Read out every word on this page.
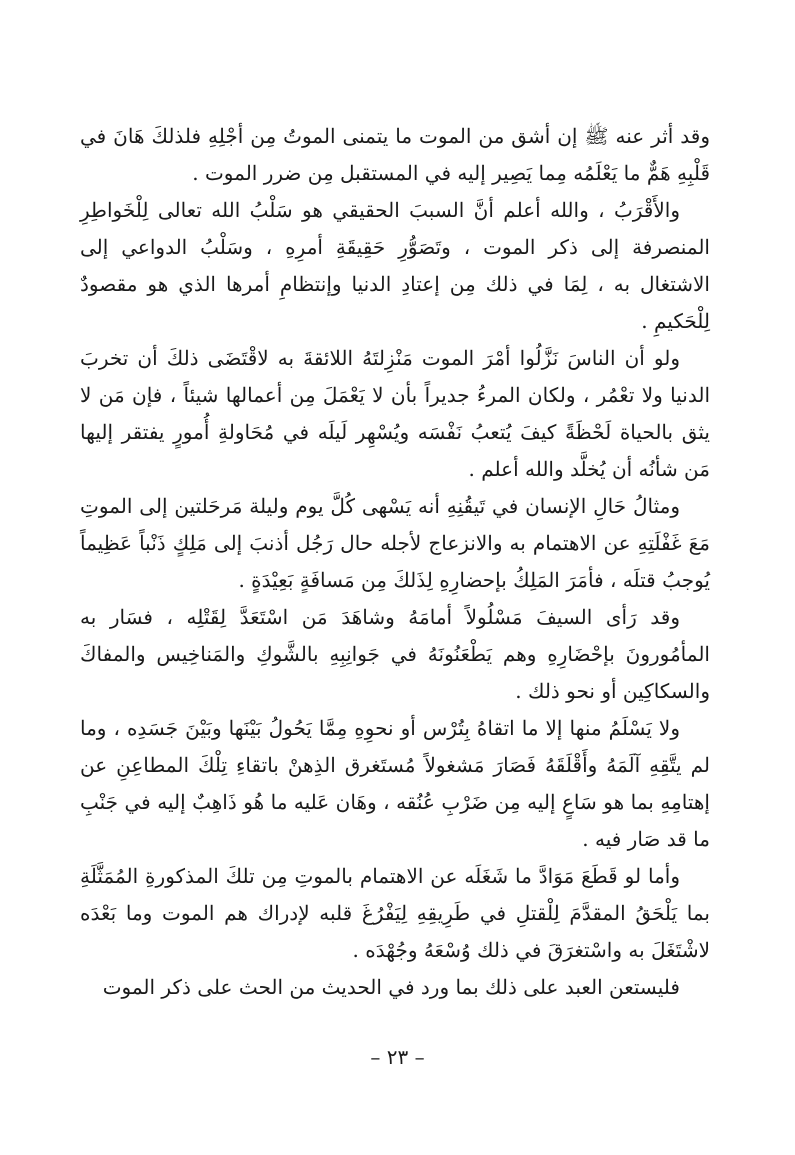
وقد أثر عنه ﷺ إن أشق من الموت ما يتمنى الموتُ مِن أجْلِهِ فلذلكَ هَانَ في قَلْبِهِ هَمٌّ ما يَعْلَمُه مِما يَصِير إليه في المستقبل مِن ضرر الموت .

والأَقْرَبُ ، والله أعلم أنَّ السببَ الحقيقي هو سَلْبُ الله تعالى لِلْخَواطِرِ المنصرفة إلى ذكر الموت ، وتَصَوُّرِ حَقِيقَةِ أمرِهِ ، وسَلْبُ الدواعي إلى الاشتغال به ، لِمَا في ذلك مِن إعتادِ الدنيا وإنتظامِ أمرها الذي هو مقصودٌ لِلْحَكيمِ .

ولو أن الناسَ نَزَّلُوا أمْرَ الموت مَنْزِلتَهُ اللائقةَ به لاقْتَضَى ذلكَ أن تخربَ الدنيا ولا تعْمُر ، ولكان المرءُ جديراً بأن لا يَعْمَلَ مِن أعمالها شيئاً ، فإن مَن لا يثق بالحياة لَحْظَةً كيفَ يُتعبُ نَفْسَه ويُسْهِر لَيلَه في مُحَاولةِ أُمورٍ يفتقر إليها مَن شأنُه أن يُخلَّد والله أعلم .

ومثالُ حَالِ الإنسان في تَيقُنِهِ أنه يَسْهى كُلَّ يوم وليلة مَرحَلتين إلى الموتِ مَعَ غَفْلَتِهِ عن الاهتمام به والانزعاج لأجله حال رَجُل أذنبَ إلى مَلِكٍ ذَنْباً عَظِيماً يُوجبُ قتلَه ، فأمَرَ المَلِكُ بإحضارِهِ لِذَلكَ مِن مَسافَةٍ بَعِيْدَةٍ .

وقد رَأى السيفَ مَسْلُولاً أمامَهُ وشاهَدَ مَن اسْتَعَدَّ لِقَتْلِه ، فسَار به المأمُورونَ بإحْضَارِهِ وهم يَطْعَنُونَهُ في جَوانِبِهِ بالشَّوكِ والمَناخِيس والمفاكَ والسكاكِين أو نحو ذلك .

ولا يَسْلَمُ منها إلا ما اتقاهُ بِتُرْس أو نحوِهِ مِمَّا يَحُولُ بَيْنَها وبَيْنَ جَسَدِه ، وما لم يتَّقِهِ آلَمَهُ وأَقْلَقَهُ فَصَارَ مَشغولاً مُستَغرق الذِهنْ باتقاءِ تِلْكَ المطاعِنِ عن إهتامِهِ بما هو سَاعٍ إليه مِن ضَرْبِ عُنُقه ، وهَان عَليه ما هُو ذَاهِبٌ إليه في جَنْبِ ما قد صَار فيه .

وأما لو قَطَعَ مَوَادَّ ما شَغَلَه عن الاهتمام بالموتِ مِن تلكَ المذكورةِ المُمَثَّلَةِ بما يَلْحَقُ المقدَّمَ لِلْقتلِ في طَرِيقِهِ لِيَفْرُغَ قلبه لإدراك هم الموت وما بَعْدَه لاشْتَغَلَ به واسْتغرَقَ في ذلك وُسْعَهُ وجُهْدَه .

فليستعن العبد على ذلك بما ورد في الحديث من الحث على ذكر الموت

– ٢٣ –
